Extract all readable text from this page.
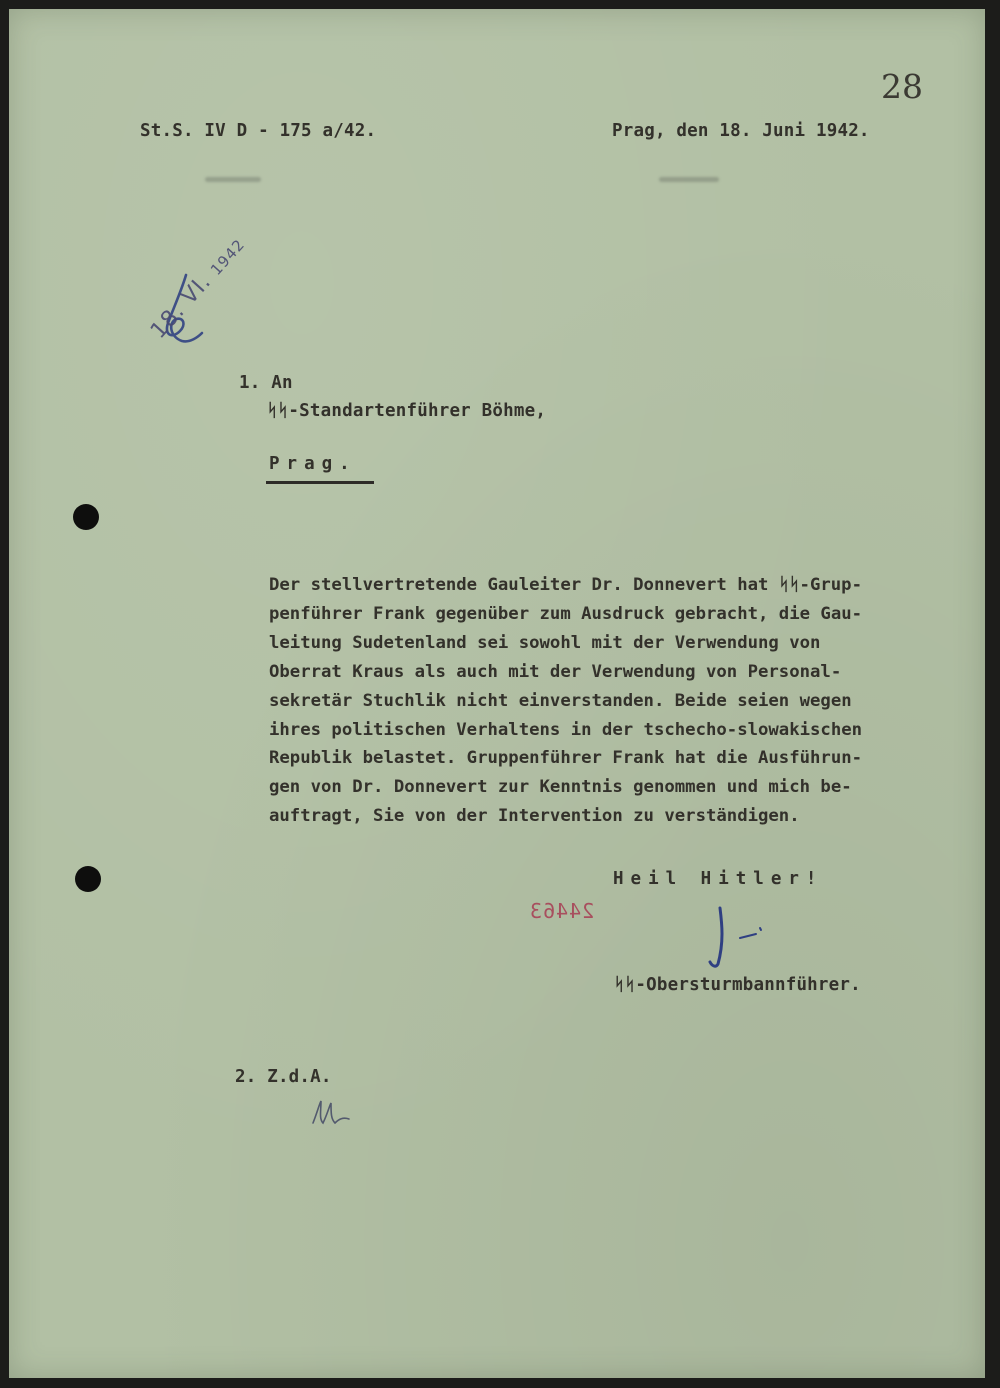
28
St.S. IV D - 175 a/42.	Prag, den 18. Juni 1942.
18. VI. 1942
1. An
ᛋᛋ-Standartenführer Böhme,
Prag.
Der stellvertretende Gauleiter Dr. Donnevert hat ᛋᛋ-Grup-
penführer Frank gegenüber zum Ausdruck gebracht, die Gau-
leitung Sudetenland sei sowohl mit der Verwendung von
Oberrat Kraus als auch mit der Verwendung von Personal-
sekretär Stuchlik nicht einverstanden. Beide seien wegen
ihres politischen Verhaltens in der tschecho-slowakischen
Republik belastet. Gruppenführer Frank hat die Ausführun-
gen von Dr. Donnevert zur Kenntnis genommen und mich be-
auftragt, Sie von der Intervention zu verständigen.
Heil Hitler!
24463
ᛋᛋ-Obersturmbannführer.
2. Z.d.A.
